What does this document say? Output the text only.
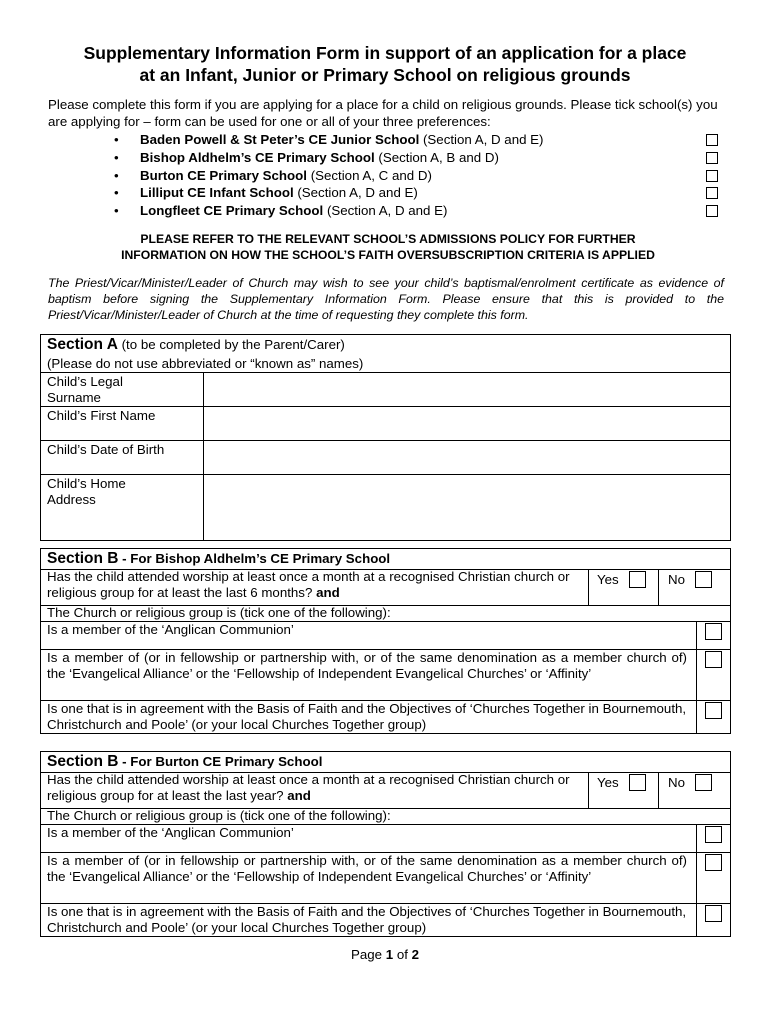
Supplementary Information Form in support of an application for a place
at an Infant, Junior or Primary School on religious grounds
Please complete this form if you are applying for a place for a child on religious grounds. Please tick school(s) you are applying for – form can be used for one or all of your three preferences:
• Baden Powell & St Peter’s CE Junior School (Section A, D and E)
• Bishop Aldhelm’s CE Primary School (Section A, B and D)
• Burton CE Primary School (Section A, C and D)
• Lilliput CE Infant School (Section A, D and E)
• Longfleet CE Primary School (Section A, D and E)
PLEASE REFER TO THE RELEVANT SCHOOL’S ADMISSIONS POLICY FOR FURTHER
INFORMATION ON HOW THE SCHOOL’S FAITH OVERSUBSCRIPTION CRITERIA IS APPLIED
The Priest/Vicar/Minister/Leader of Church may wish to see your child’s baptismal/enrolment certificate as evidence of baptism before signing the Supplementary Information Form. Please ensure that this is provided to the Priest/Vicar/Minister/Leader of Church at the time of requesting they complete this form.
Section A (to be completed by the Parent/Carer)
(Please do not use abbreviated or “known as” names)
Child’s Legal Surname
Child’s First Name
Child’s Date of Birth
Child’s Home Address
Section B - For Bishop Aldhelm’s CE Primary School
Has the child attended worship at least once a month at a recognised Christian church or religious group for at least the last 6 months? and
Yes	No
The Church or religious group is (tick one of the following):
Is a member of the ‘Anglican Communion’
Is a member of (or in fellowship or partnership with, or of the same denomination as a member church of) the ‘Evangelical Alliance’ or the ‘Fellowship of Independent Evangelical Churches’ or ‘Affinity’
Is one that is in agreement with the Basis of Faith and the Objectives of ‘Churches Together in Bournemouth, Christchurch and Poole’ (or your local Churches Together group)
Section B - For Burton CE Primary School
Has the child attended worship at least once a month at a recognised Christian church or religious group for at least the last year? and
Yes	No
The Church or religious group is (tick one of the following):
Is a member of the ‘Anglican Communion’
Is a member of (or in fellowship or partnership with, or of the same denomination as a member church of) the ‘Evangelical Alliance’ or the ‘Fellowship of Independent Evangelical Churches’ or ‘Affinity’
Is one that is in agreement with the Basis of Faith and the Objectives of ‘Churches Together in Bournemouth, Christchurch and Poole’ (or your local Churches Together group)
Page 1 of 2
